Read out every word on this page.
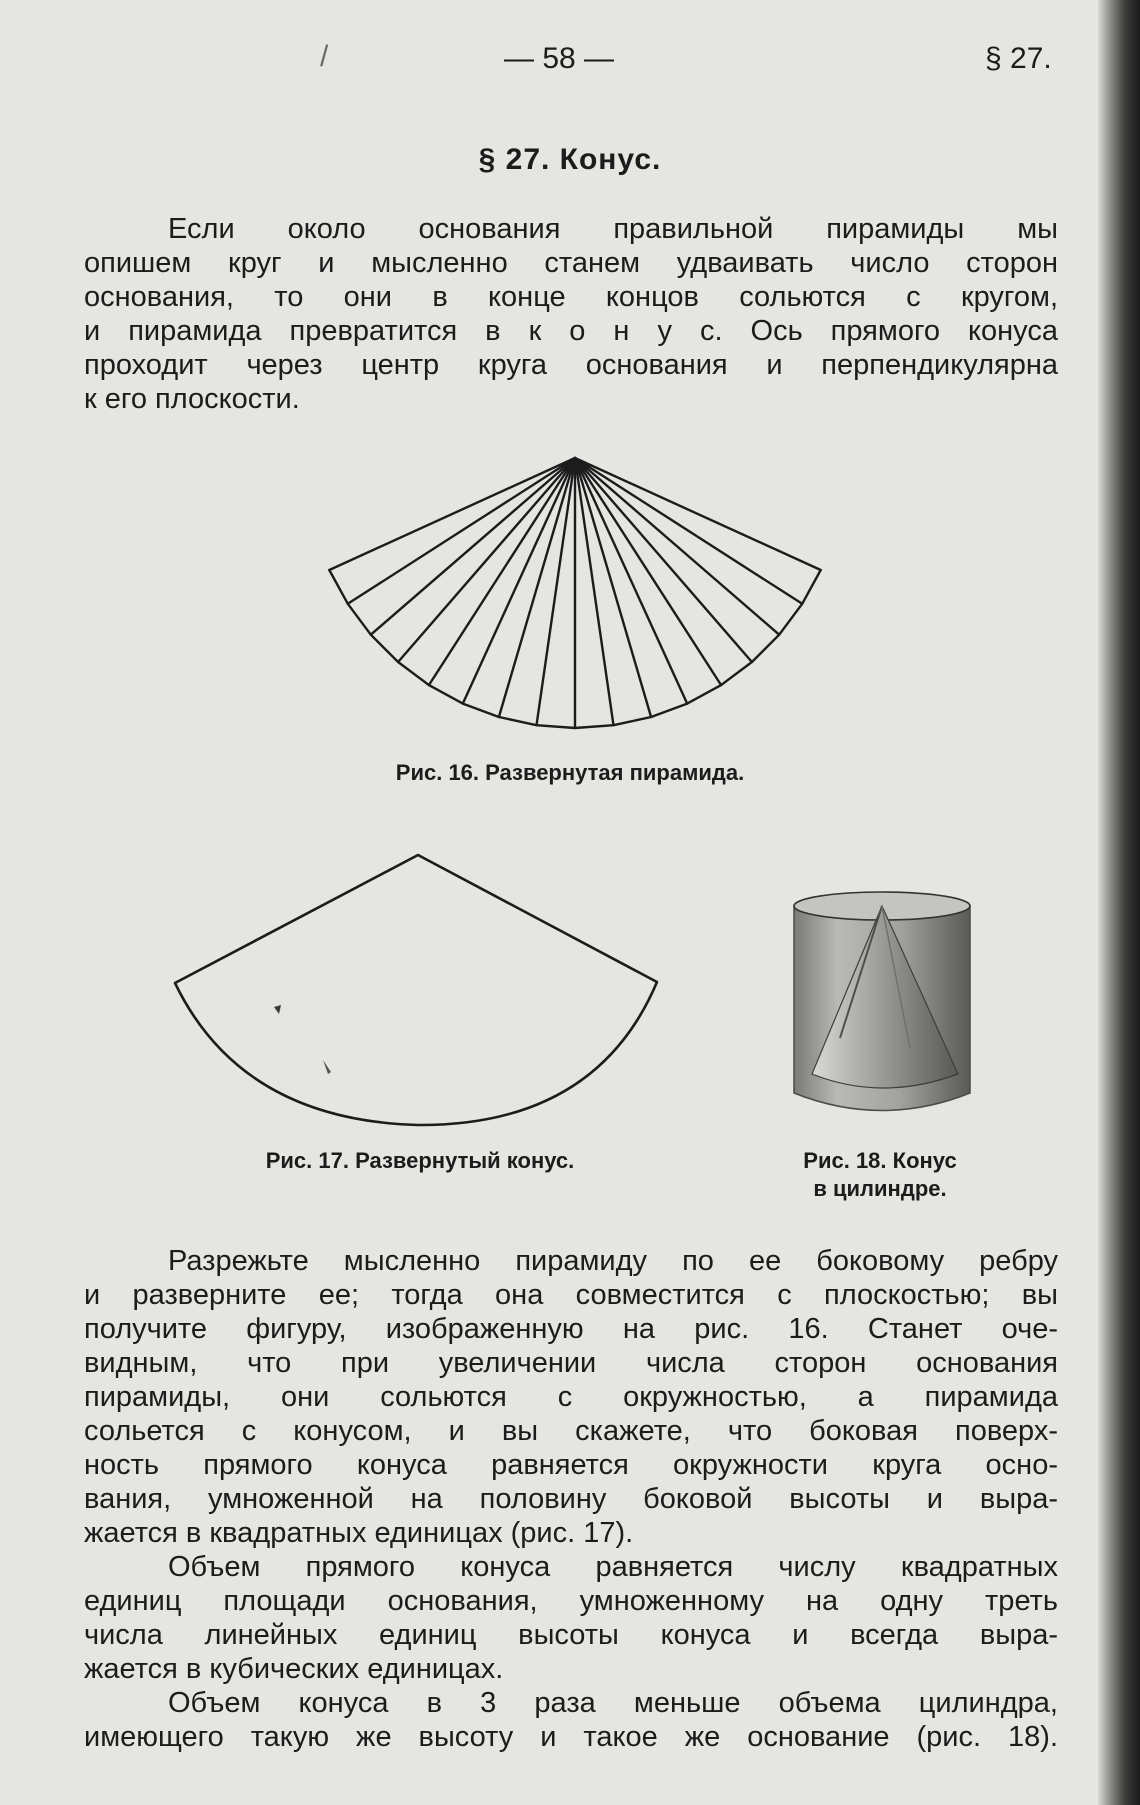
/	— 58 —	§ 27.
§ 27. Конус.
Если около основания правильной пирамиды мы
опишем круг и мысленно станем удваивать число сторон
основания, то они в конце концов сольются с кругом,
и пирамида превратится в к о н у с. Ось прямого конуса
проходит через центр круга основания и перпендикулярна
к его плоскости.
Рис. 16. Развернутая пирамида.
Рис. 17. Развернутый конус.	Рис. 18. Конус
в цилиндре.
Разрежьте мысленно пирамиду по ее боковому ребру
и разверните ее; тогда она совместится с плоскостью; вы
получите фигуру, изображенную на рис. 16. Станет оче-
видным, что при увеличении числа сторон основания
пирамиды, они сольются с окружностью, а пирамида
сольется с конусом, и вы скажете, что боковая поверх-
ность прямого конуса равняется окружности круга осно-
вания, умноженной на половину боковой высоты и выра-
жается в квадратных единицах (рис. 17).
Объем прямого конуса равняется числу квадратных
единиц площади основания, умноженному на одну треть
числа линейных единиц высоты конуса и всегда выра-
жается в кубических единицах.
Объем конуса в 3 раза меньше объема цилиндра,
имеющего такую же высоту и такое же основание (рис. 18).
